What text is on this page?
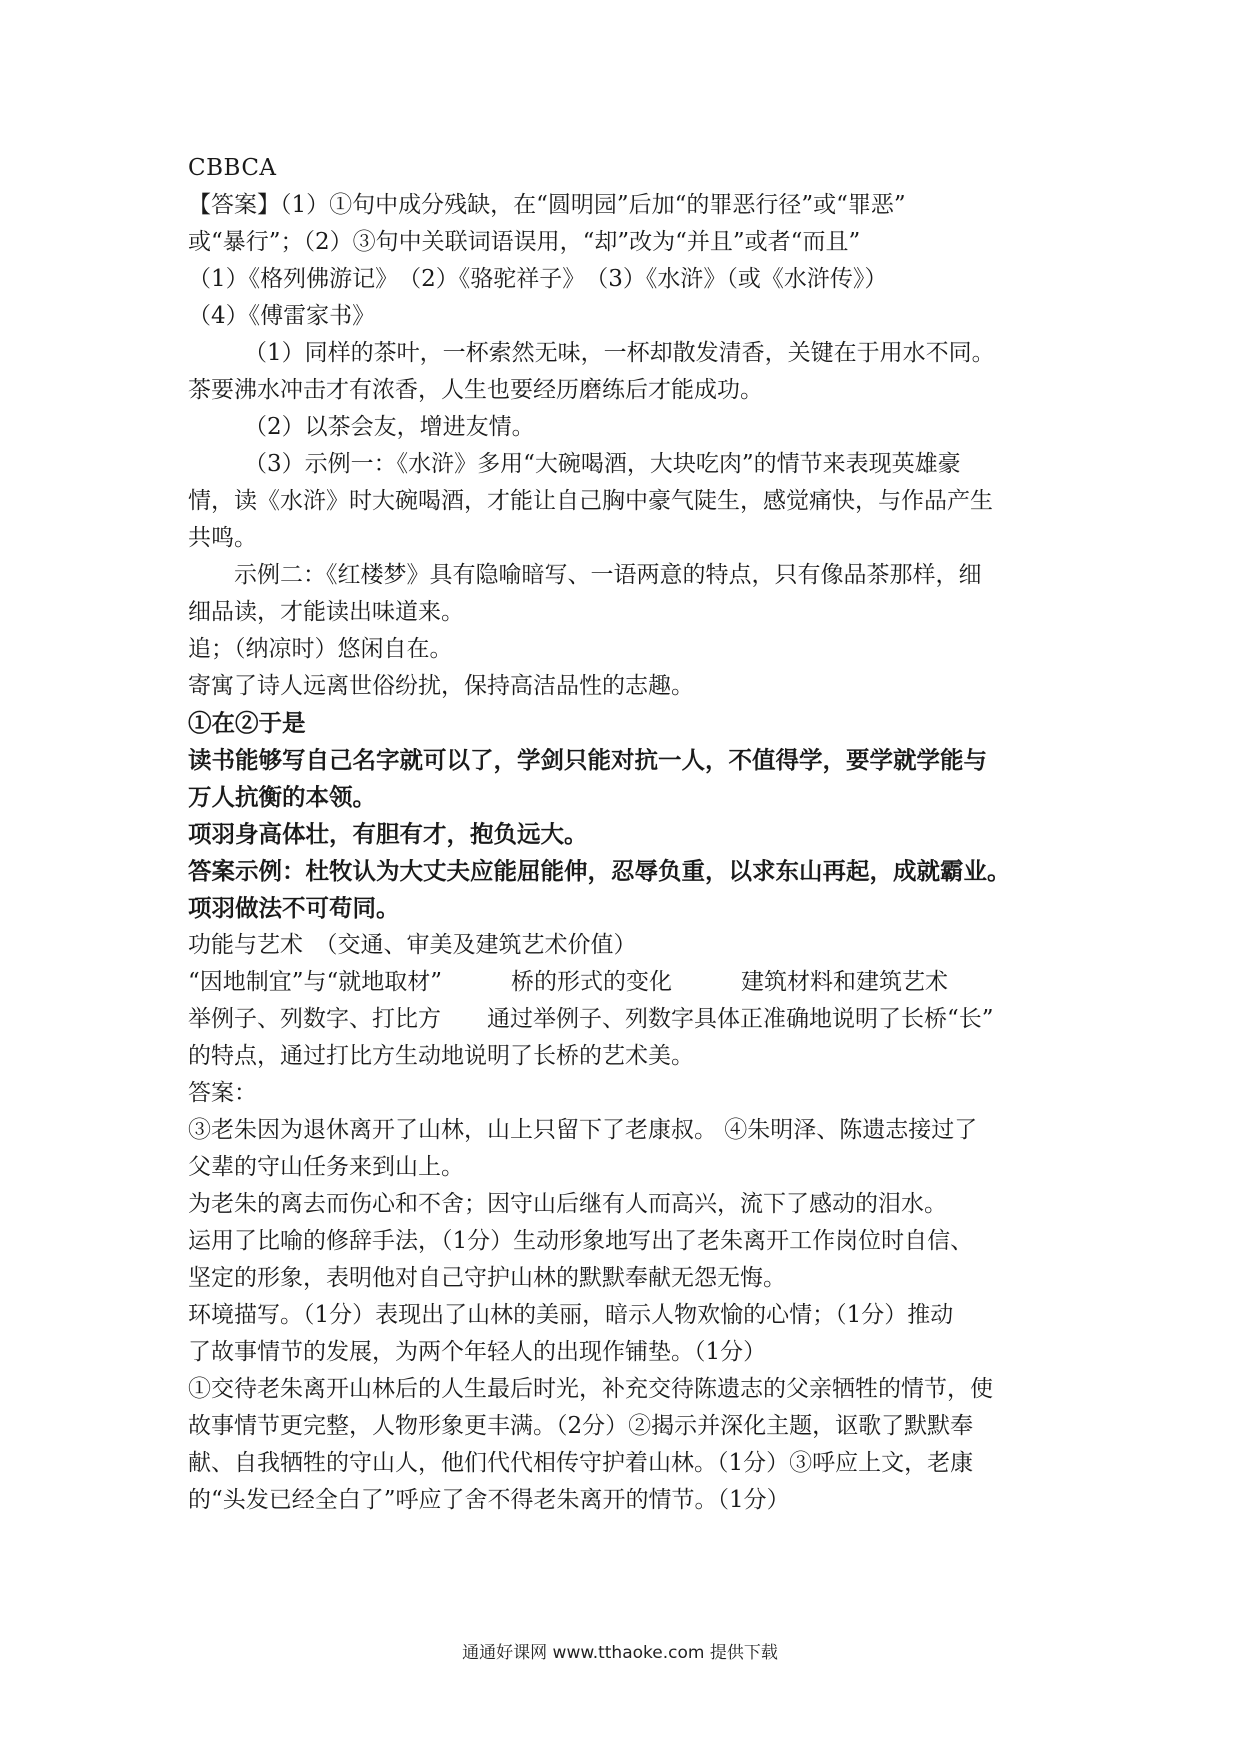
CBBCA
【答案】（1）①句中成分残缺，在“圆明园”后加“的罪恶行径”或“罪恶”
或“暴行”；（2）③句中关联词语误用，“却”改为“并且”或者“而且”
（1）《格列佛游记》　（2）《骆驼祥子》　（3）《水浒》（或《水浒传》）
（4）《傅雷家书》
（1）同样的茶叶，一杯索然无味，一杯却散发清香，关键在于用水不同。
茶要沸水冲击才有浓香，人生也要经历磨练后才能成功。
（2）以茶会友，增进友情。
（3）示例一：《水浒》多用“大碗喝酒，大块吃肉”的情节来表现英雄豪
情，读《水浒》时大碗喝酒，才能让自己胸中豪气陡生，感觉痛快，与作品产生
共鸣。
示例二：《红楼梦》具有隐喻暗写、一语两意的特点，只有像品茶那样，细
细品读，才能读出味道来。
追；（纳凉时）悠闲自在。
寄寓了诗人远离世俗纷扰，保持高洁品性的志趣。
①在②于是
读书能够写自己名字就可以了，学剑只能对抗一人，不值得学，要学就学能与
万人抗衡的本领。
项羽身高体壮，有胆有才，抱负远大。
答案示例：杜牧认为大丈夫应能屈能伸，忍辱负重，以求东山再起，成就霸业。
项羽做法不可苟同。
功能与艺术　（交通、审美及建筑艺术价值）
“因地制宜”与“就地取材”　　　桥的形式的变化　　　建筑材料和建筑艺术
举例子、列数字、打比方　　通过举例子、列数字具体正准确地说明了长桥“长”
的特点，通过打比方生动地说明了长桥的艺术美。
答案：
③老朱因为退休离开了山林，山上只留下了老康叔。 ④朱明泽、陈遗志接过了
父辈的守山任务来到山上。
为老朱的离去而伤心和不舍；因守山后继有人而高兴，流下了感动的泪水。
运用了比喻的修辞手法，（1分）生动形象地写出了老朱离开工作岗位时自信、
坚定的形象，表明他对自己守护山林的默默奉献无怨无悔。
环境描写。（1分）表现出了山林的美丽，暗示人物欢愉的心情；（1分）推动
了故事情节的发展，为两个年轻人的出现作铺垫。（1分）
①交待老朱离开山林后的人生最后时光，补充交待陈遗志的父亲牺牲的情节，使
故事情节更完整，人物形象更丰满。（2分）②揭示并深化主题，讴歌了默默奉
献、自我牺牲的守山人，他们代代相传守护着山林。（1分）③呼应上文，老康
的“头发已经全白了”呼应了舍不得老朱离开的情节。（1分）
通通好课网 www.tthaoke.com 提供下载
